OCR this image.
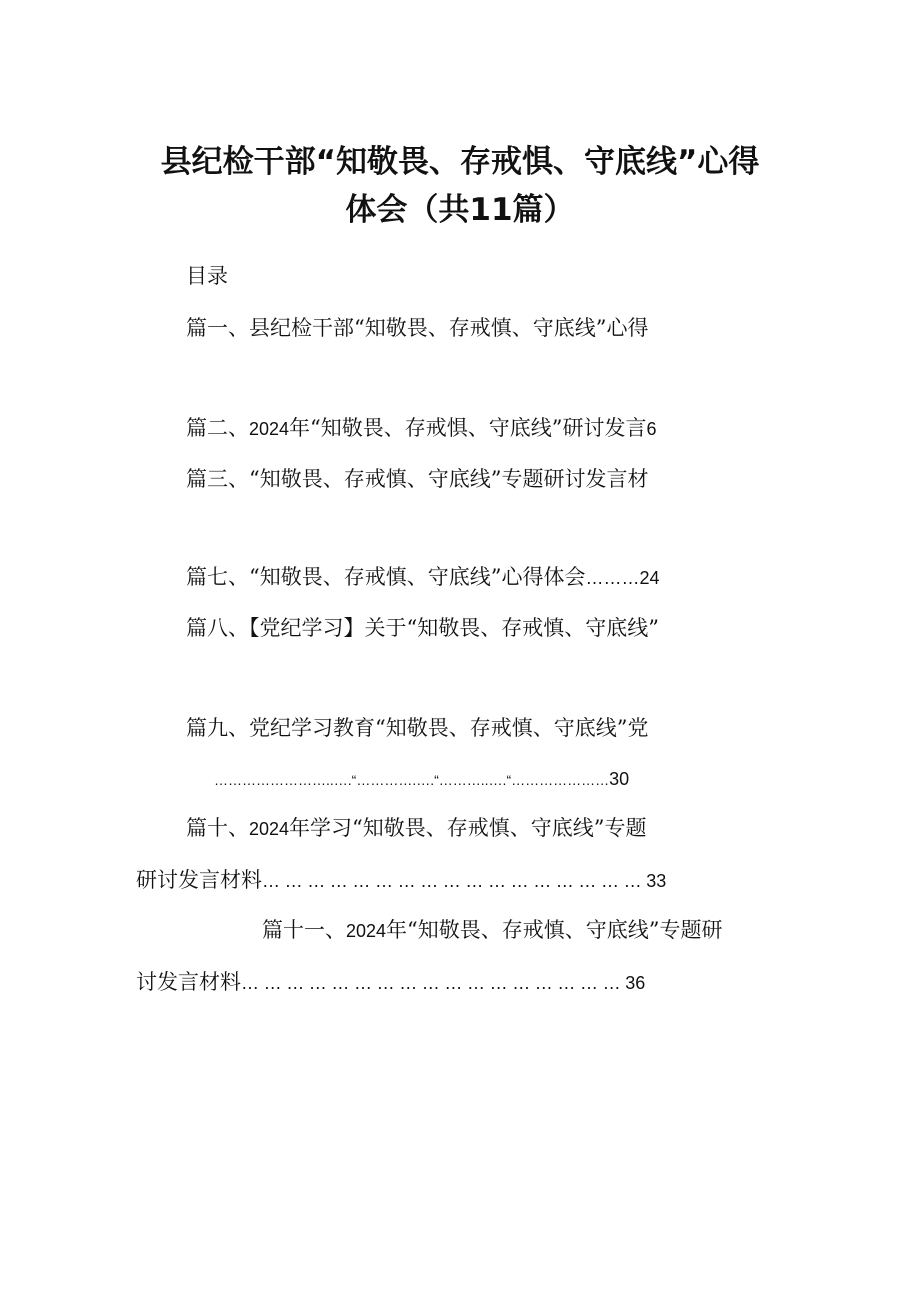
县纪检干部“知敬畏、存戒惧、守底线”心得
体会（共11篇）
目录
篇一、县纪检干部“知敬畏、存戒慎、守底线”心得
篇二、2024年“知敬畏、存戒惧、守底线”研讨发言6
篇三、“知敬畏、存戒慎、守底线”专题研讨发言材
篇七、“知敬畏、存戒慎、守底线”心得体会………24
篇八、【党纪学习】关于“知敬畏、存戒慎、守底线”
篇九、党纪学习教育“知敬畏、存戒慎、守底线”党
……………………..….“………….….“………..….“…………………30
篇十、2024年学习“知敬畏、存戒慎、守底线”专题
研讨发言材料……………………………………………33
篇十一、2024年“知敬畏、存戒慎、守底线”专题研
讨发言材料……………………………………………36
